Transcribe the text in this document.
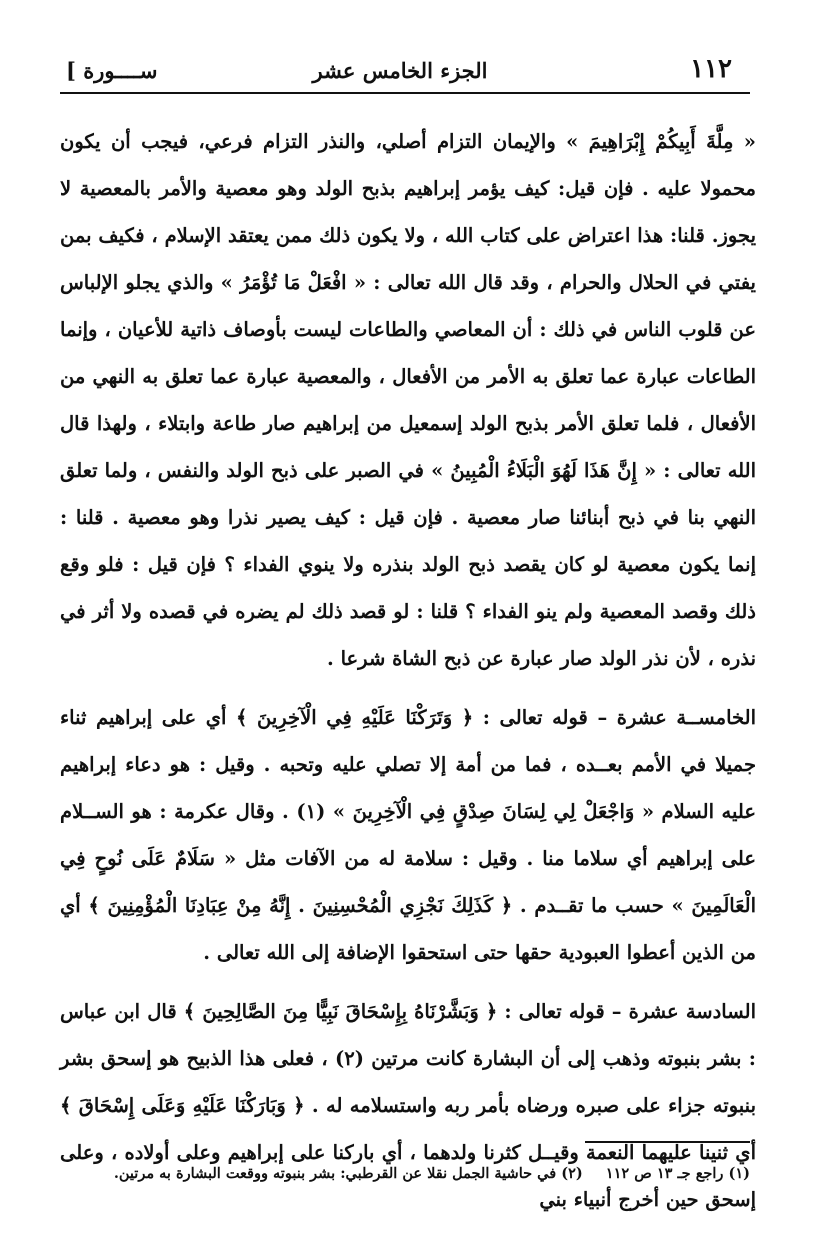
١١٢
الجزء الخامس عشر
[ ســــورة

« مِلَّةَ أَبِيكُمْ إِبْرَاهِيمَ » والإيمان التزام أصلي، والنذر التزام فرعي، فيجب أن يكون محمولا عليه . فإن قيل: كيف يؤمر إبراهيم بذبح الولد وهو معصية والأمر بالمعصية لا يجوز. قلنا: هذا اعتراض على كتاب الله ، ولا يكون ذلك ممن يعتقد الإسلام ، فكيف بمن يفتي في الحلال والحرام ، وقد قال الله تعالى : « افْعَلْ مَا تُؤْمَرُ » والذي يجلو الإلباس عن قلوب الناس في ذلك : أن المعاصي والطاعات ليست بأوصاف ذاتية للأعيان ، وإنما الطاعات عبارة عما تعلق به الأمر من الأفعال ، والمعصية عبارة عما تعلق به النهي من الأفعال ، فلما تعلق الأمر بذبح الولد إسمعيل من إبراهيم صار طاعة وابتلاء ، ولهذا قال الله تعالى : « إِنَّ هَذَا لَهُوَ الْبَلَاءُ الْمُبِينُ » في الصبر على ذبح الولد والنفس ، ولما تعلق النهي بنا في ذبح أبنائنا صار معصية . فإن قيل : كيف يصير نذرا وهو معصية . قلنا : إنما يكون معصية لو كان يقصد ذبح الولد بنذره ولا ينوي الفداء ؟ فإن قيل : فلو وقع ذلك وقصد المعصية ولم ينو الفداء ؟ قلنا : لو قصد ذلك لم يضره في قصده ولا أثر في نذره ، لأن نذر الولد صار عبارة عن ذبح الشاة شرعا .

الخامســة عشرة – قوله تعالى : ﴿ وَتَرَكْنَا عَلَيْهِ فِي الْآخِرِينَ ﴾ أي على إبراهيم ثناء جميلا في الأمم بعــده ، فما من أمة إلا تصلي عليه وتحبه . وقيل : هو دعاء إبراهيم عليه السلام « وَاجْعَلْ لِي لِسَانَ صِدْقٍ فِي الْآخِرِينَ » (١) . وقال عكرمة : هو الســلام على إبراهيم أي سلاما منا . وقيل : سلامة له من الآفات مثل « سَلَامٌ عَلَى نُوحٍ فِي الْعَالَمِينَ » حسب ما تقــدم . ﴿ كَذَلِكَ نَجْزِي الْمُحْسِنِينَ . إِنَّهُ مِنْ عِبَادِنَا الْمُؤْمِنِينَ ﴾ أي من الذين أعطوا العبودية حقها حتى استحقوا الإضافة إلى الله تعالى .

السادسة عشرة – قوله تعالى : ﴿ وَبَشَّرْنَاهُ بِإِسْحَاقَ نَبِيًّا مِنَ الصَّالِحِينَ ﴾ قال ابن عباس : بشر بنبوته وذهب إلى أن البشارة كانت مرتين (٢) ، فعلى هذا الذبيح هو إسحق بشر بنبوته جزاء على صبره ورضاه بأمر ربه واستسلامه له . ﴿ وَبَارَكْنَا عَلَيْهِ وَعَلَى إِسْحَاقَ ﴾ أي ثنينا عليهما النعمة وقيــل كثرنا ولدهما ، أي باركنا على إبراهيم وعلى أولاده ، وعلى إسحق حين أخرج أنبياء بني

(١) راجع جـ ١٣ ص ١١٢ (٢) في حاشية الجمل نقلا عن القرطبي: بشر بنبوته ووقعت البشارة به مرتين.
